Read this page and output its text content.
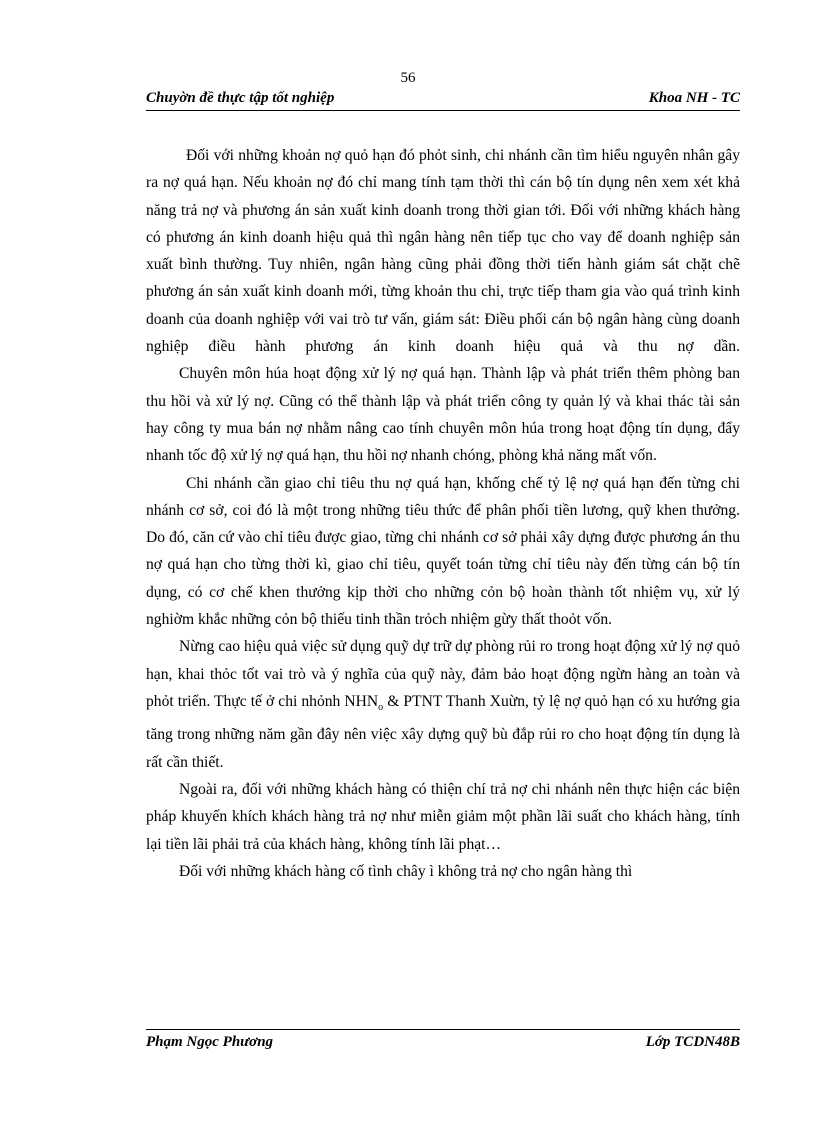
56
Chuyờn đề thực tập tốt nghiệp	Khoa NH - TC

Đối với những khoản nợ quỏ hạn đó phỏt sinh, chi nhánh cần tìm hiểu nguyên nhân gây ra nợ quá hạn. Nếu khoản nợ đó chỉ mang tính tạm thời thì cán bộ tín dụng nên xem xét khả năng trả nợ và phương án sản xuất kinh doanh trong thời gian tới. Đối với những khách hàng có phương án kinh doanh hiệu quả thì ngân hàng nên tiếp tục cho vay để doanh nghiệp sản xuất bình thường. Tuy nhiên, ngân hàng cũng phải đồng thời tiến hành giám sát chặt chẽ phương án sản xuất kinh doanh mới, từng khoản thu chi, trực tiếp tham gia vào quá trình kinh doanh của doanh nghiệp với vai trò tư vấn, giám sát: Điều phối cán bộ ngân hàng cùng doanh nghiệp điều hành phương án kinh doanh hiệu quả và thu nợ dần.

Chuyên môn húa hoạt động xử lý nợ quá hạn. Thành lập và phát triển thêm phòng ban thu hồi và xử lý nợ. Cũng có thể thành lập và phát triển công ty quản lý và khai thác tài sản hay công ty mua bán nợ nhằm nâng cao tính chuyên môn húa trong hoạt động tín dụng, đẩy nhanh tốc độ xử lý nợ quá hạn, thu hồi nợ nhanh chóng, phòng khả năng mất vốn.

Chi nhánh cần giao chỉ tiêu thu nợ quá hạn, khống chế tỷ lệ nợ quá hạn đến từng chi nhánh cơ sở, coi đó là một trong những tiêu thức để phân phối tiền lương, quỹ khen thưởng. Do đó, căn cứ vào chỉ tiêu được giao, từng chi nhánh cơ sở phải xây dựng được phương án thu nợ quá hạn cho từng thời kì, giao chỉ tiêu, quyết toán từng chỉ tiêu này đến từng cán bộ tín dụng, có cơ chế khen thưởng kịp thời cho những cỏn bộ hoàn thành tốt nhiệm vụ, xử lý nghiờm khắc những cỏn bộ thiếu tinh thần trỏch nhiệm gừy thất thoỏt vốn.

Nừng cao hiệu quả việc sử dụng quỹ dự trữ dự phòng rủi ro trong hoạt động xử lý nợ quỏ hạn, khai thỏc tốt vai trò và ý nghĩa của quỹ này, đảm bảo hoạt động ngừn hàng an toàn và phỏt triển. Thực tế ở chi nhỏnh $NHN_o$ & PTNT Thanh Xuừn, tỷ lệ nợ quỏ hạn có xu hướng gia tăng trong những năm gần đây nên việc xây dựng quỹ bù đắp rủi ro cho hoạt động tín dụng là rất cần thiết.

Ngoài ra, đối với những khách hàng có thiện chí trả nợ chi nhánh nên thực hiện các biện pháp khuyến khích khách hàng trả nợ như miễn giảm một phần lãi suất cho khách hàng, tính lại tiền lãi phải trả của khách hàng, không tính lãi phạt…

Đối với những khách hàng cố tình chây ì không trả nợ cho ngân hàng thì

Phạm Ngọc Phương	Lớp TCDN48B
